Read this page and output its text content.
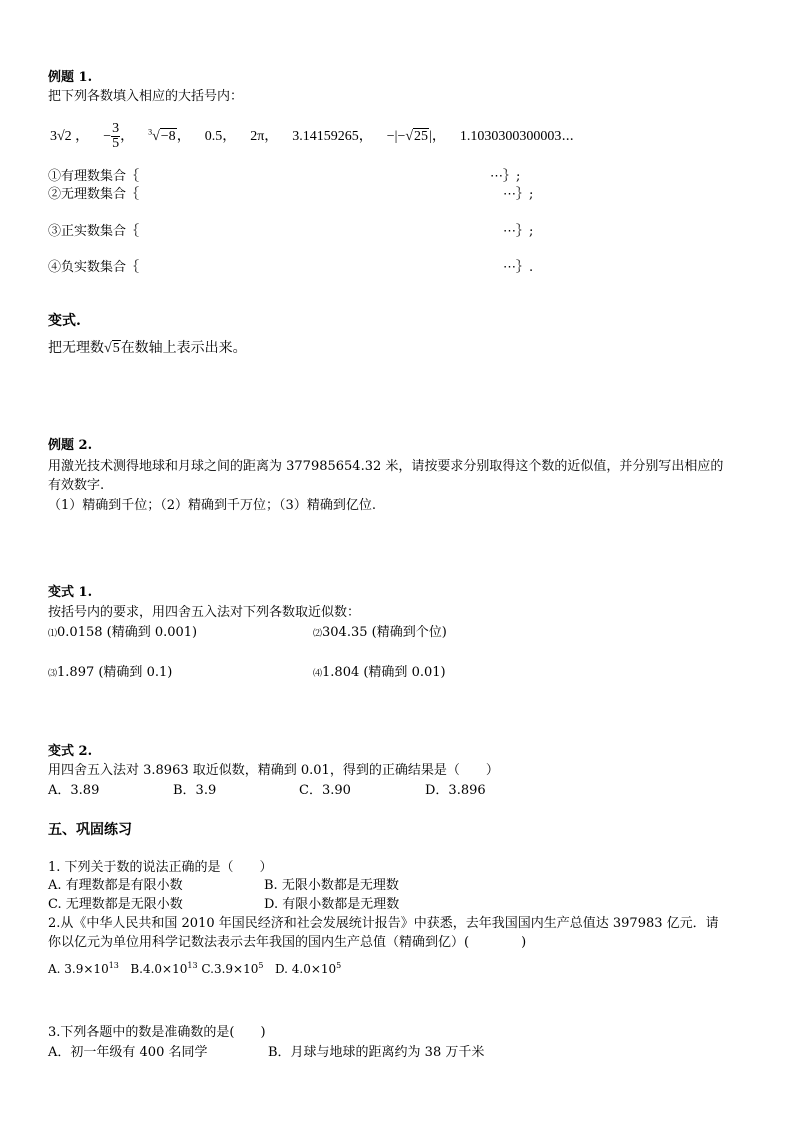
例题 1.
把下列各数填入相应的大括号内：
3√2 ， − $\frac{3}{5}$ ， $^3$√−8， 0.5， 2π， 3.14159265， −|−√25|， 1.1030300300003⋯
①有理数集合｛	⋯｝;
②无理数集合｛	⋯｝;
③正实数集合｛	⋯｝;
④负实数集合｛	⋯｝.
变式.
把无理数√5在数轴上表示出来。
例题 2.
用激光技术测得地球和月球之间的距离为 377985654.32 米，请按要求分别取得这个数的近似值，并分别写出相应的
有效数字.
（1）精确到千位；（2）精确到千万位；（3）精确到亿位.
变式 1.
按括号内的要求，用四舍五入法对下列各数取近似数：
⑴0.0158 (精确到 0.001)	⑵304.35 (精确到个位)
⑶1.897 (精确到 0.1)	⑷1.804 (精确到 0.01)
变式 2.
用四舍五入法对 3.8963 取近似数，精确到 0.01，得到的正确结果是（　　）
A．3.89	B．3.9	C．3.90	D．3.896
五、巩固练习
1. 下列关于数的说法正确的是（　　）
A. 有理数都是有限小数	B. 无限小数都是无理数
C. 无理数都是无限小数	D. 有限小数都是无理数
2.从《中华人民共和国 2010 年国民经济和社会发展统计报告》中获悉，去年我国国内生产总值达 397983 亿元．请
你以亿元为单位用科学记数法表示去年我国的国内生产总值（精确到亿）(　　　　)
A. $3.9\times 10^{13}$ $B.4.0\times 10^{13}$ $C.3.9\times 10^5$ D. $4.0\times 10^5$
3.下列各题中的数是准确数的是(　　)
A．初一年级有 400 名同学	B．月球与地球的距离约为 38 万千米
